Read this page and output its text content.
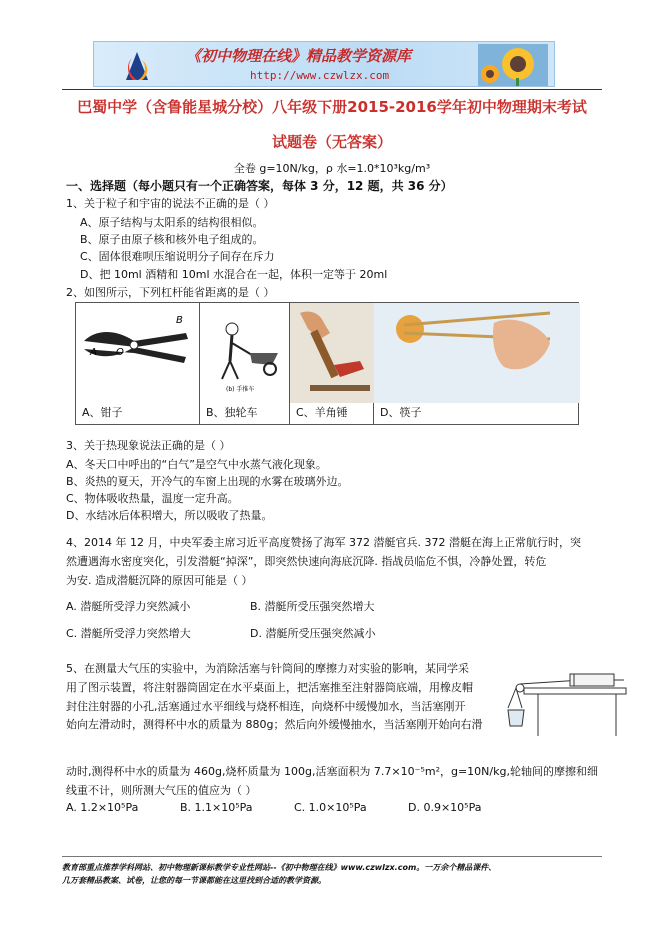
《初中物理在线》精品教学资源库
http://www.czwlzx.com
巴蜀中学（含鲁能星城分校）八年级下册2015-2016学年初中物理期末考试
试题卷（无答案）
全卷 g=10N/kg，ρ 水=1.0*10³kg/m³
一、选择题（每小题只有一个正确答案，每体 3 分，12 题，共 36 分）
1、关于粒子和宇宙的说法不正确的是（ ）
A、原子结构与太阳系的结构很相似。
B、原子由原子核和核外电子组成的。
C、固体很难呗压缩说明分子间存在斥力
D、把 10ml 酒精和 10ml 水混合在一起，体积一定等于 20ml
2、如图所示，下列杠杆能省距离的是（ ）
B
A O
A、钳子
(b) 手推车
B、独轮车	C、羊角锤	D、筷子
3、关于热现象说法正确的是（ ）
A、冬天口中呼出的“白气”是空气中水蒸气液化现象。
B、炎热的夏天，开冷气的车窗上出现的水雾在玻璃外边。
C、物体吸收热量，温度一定升高。
D、水结冰后体积增大，所以吸收了热量。
4、2014 年 12 月，中央军委主席习近平高度赞扬了海军 372 潜艇官兵. 372 潜艇在海上正常航行时，突
然遭遇海水密度突化，引发潜艇“掉深”，即突然快速向海底沉降. 指战员临危不惧，冷静处置，转危
为安. 造成潜艇沉降的原因可能是（ ）
A. 潜艇所受浮力突然减小	B. 潜艇所受压强突然增大
C. 潜艇所受浮力突然增大	D. 潜艇所受压强突然减小
5、在测量大气压的实验中，为消除活塞与针筒间的摩擦力对实验的影响，某同学采
用了图示装置，将注射器筒固定在水平桌面上，把活塞推至注射器筒底端，用橡皮帽
封住注射器的小孔,活塞通过水平细线与烧杯相连，向烧杯中缓慢加水，当活塞刚开
始向左滑动时，测得杯中水的质量为 880g；然后向外缓慢抽水，当活塞刚开始向右滑
动时,测得杯中水的质量为 460g,烧杯质量为 100g,活塞面积为 7.7×10⁻⁵m²，g=10N/kg,轮轴间的摩擦和细
线重不计，则所测大气压的值应为（ ）
A. 1.2×10⁵Pa	B. 1.1×10⁵Pa	C. 1.0×10⁵Pa	D. 0.9×10⁵Pa
教育部重点推荐学科网站、初中物理新课标教学专业性网站--《初中物理在线》www.czwlzx.com。一万余个精品课件、
几万套精品教案、试卷，让您的每一节课都能在这里找到合适的教学资源。
